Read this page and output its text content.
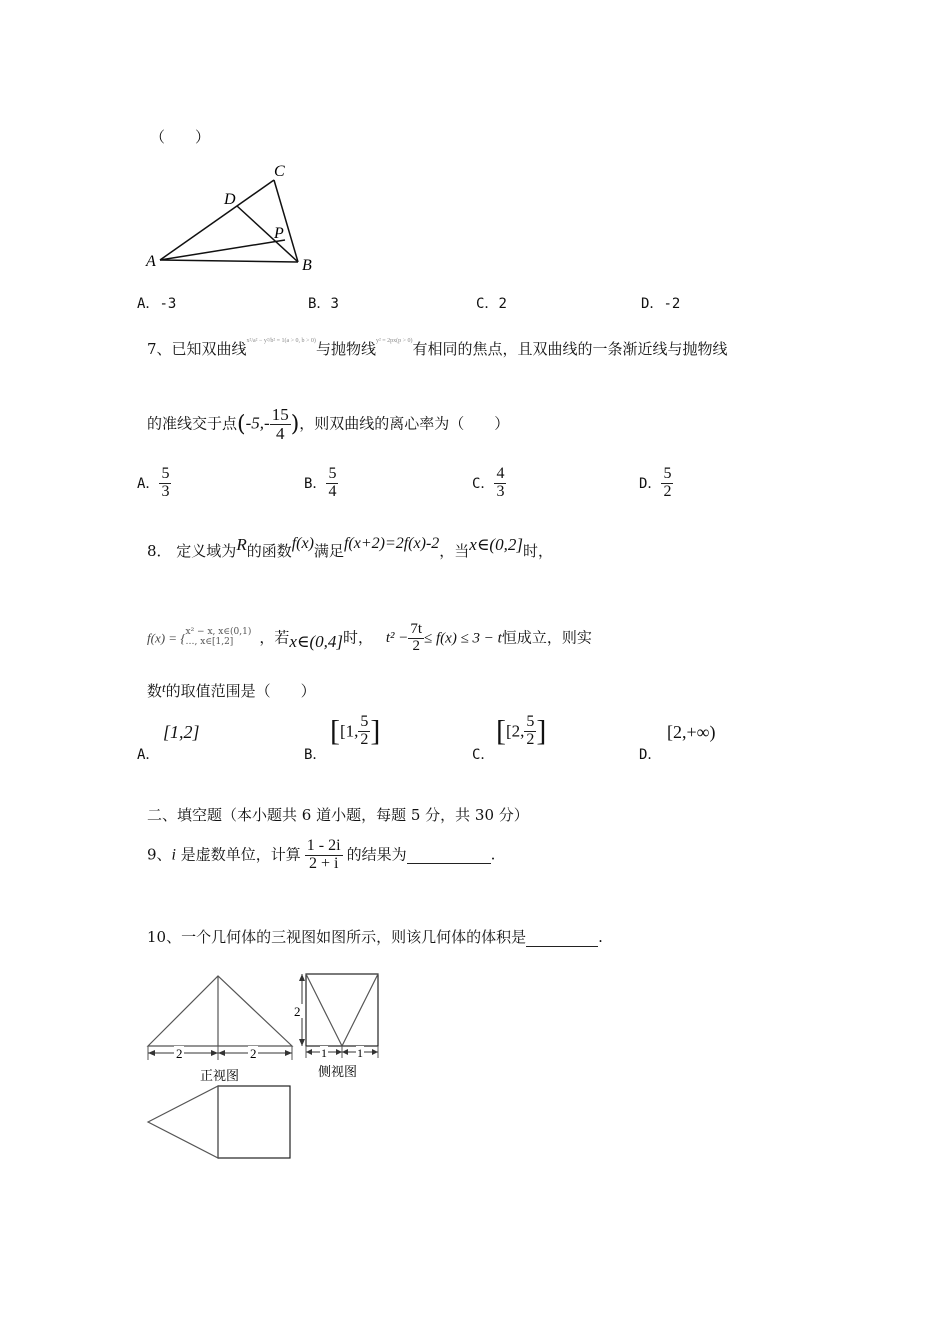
（　　）
A	B
C
D
P
A．-3	B．3	C．2	D．-2
7、已知双曲线$^{x^2/a^2 - y^2/b^2 = 1(a > 0, b > 0)}$与抛物线$^{y^2 = 2px(p > 0)}$有相同的焦点，且双曲线的一条渐近线与抛物线
的准线交于点($-5,- \frac{15}{4}$ )，则双曲线的离心率为（　　）
A． $\frac{5}{3}$	B． $\frac{5}{4}$	C． $\frac{4}{3}$	D． $\frac{5}{2}$
8． 定义域为R的函数f(x)满足f(x+2)=2f(x)-2，当x∈(0,2]时，
f(x) = { x² − x, x∈(0,1)
…, x∈[1,2]	，若x∈(0,4]时， $t^2 - \frac{7t}{2} \le f(x) \le 3 - t$恒成立，则实
数t的取值范围是（　　）
A．
[1,2]
B．
[[1, $\frac{5}{2}$ ]
C．
[[2, $\frac{5}{2}$ ]
D．
[2,+∞)
二、填空题（本小题共 6 道小题，每题 5 分，共 30 分）
9、i 是虚数单位，计算 $\frac{1 - 2i}{2 + i}$ 的结果为	.
10、一个几何体的三视图如图所示，则该几何体的体积是	.
2	2
正视图
2
1	1
侧视图
